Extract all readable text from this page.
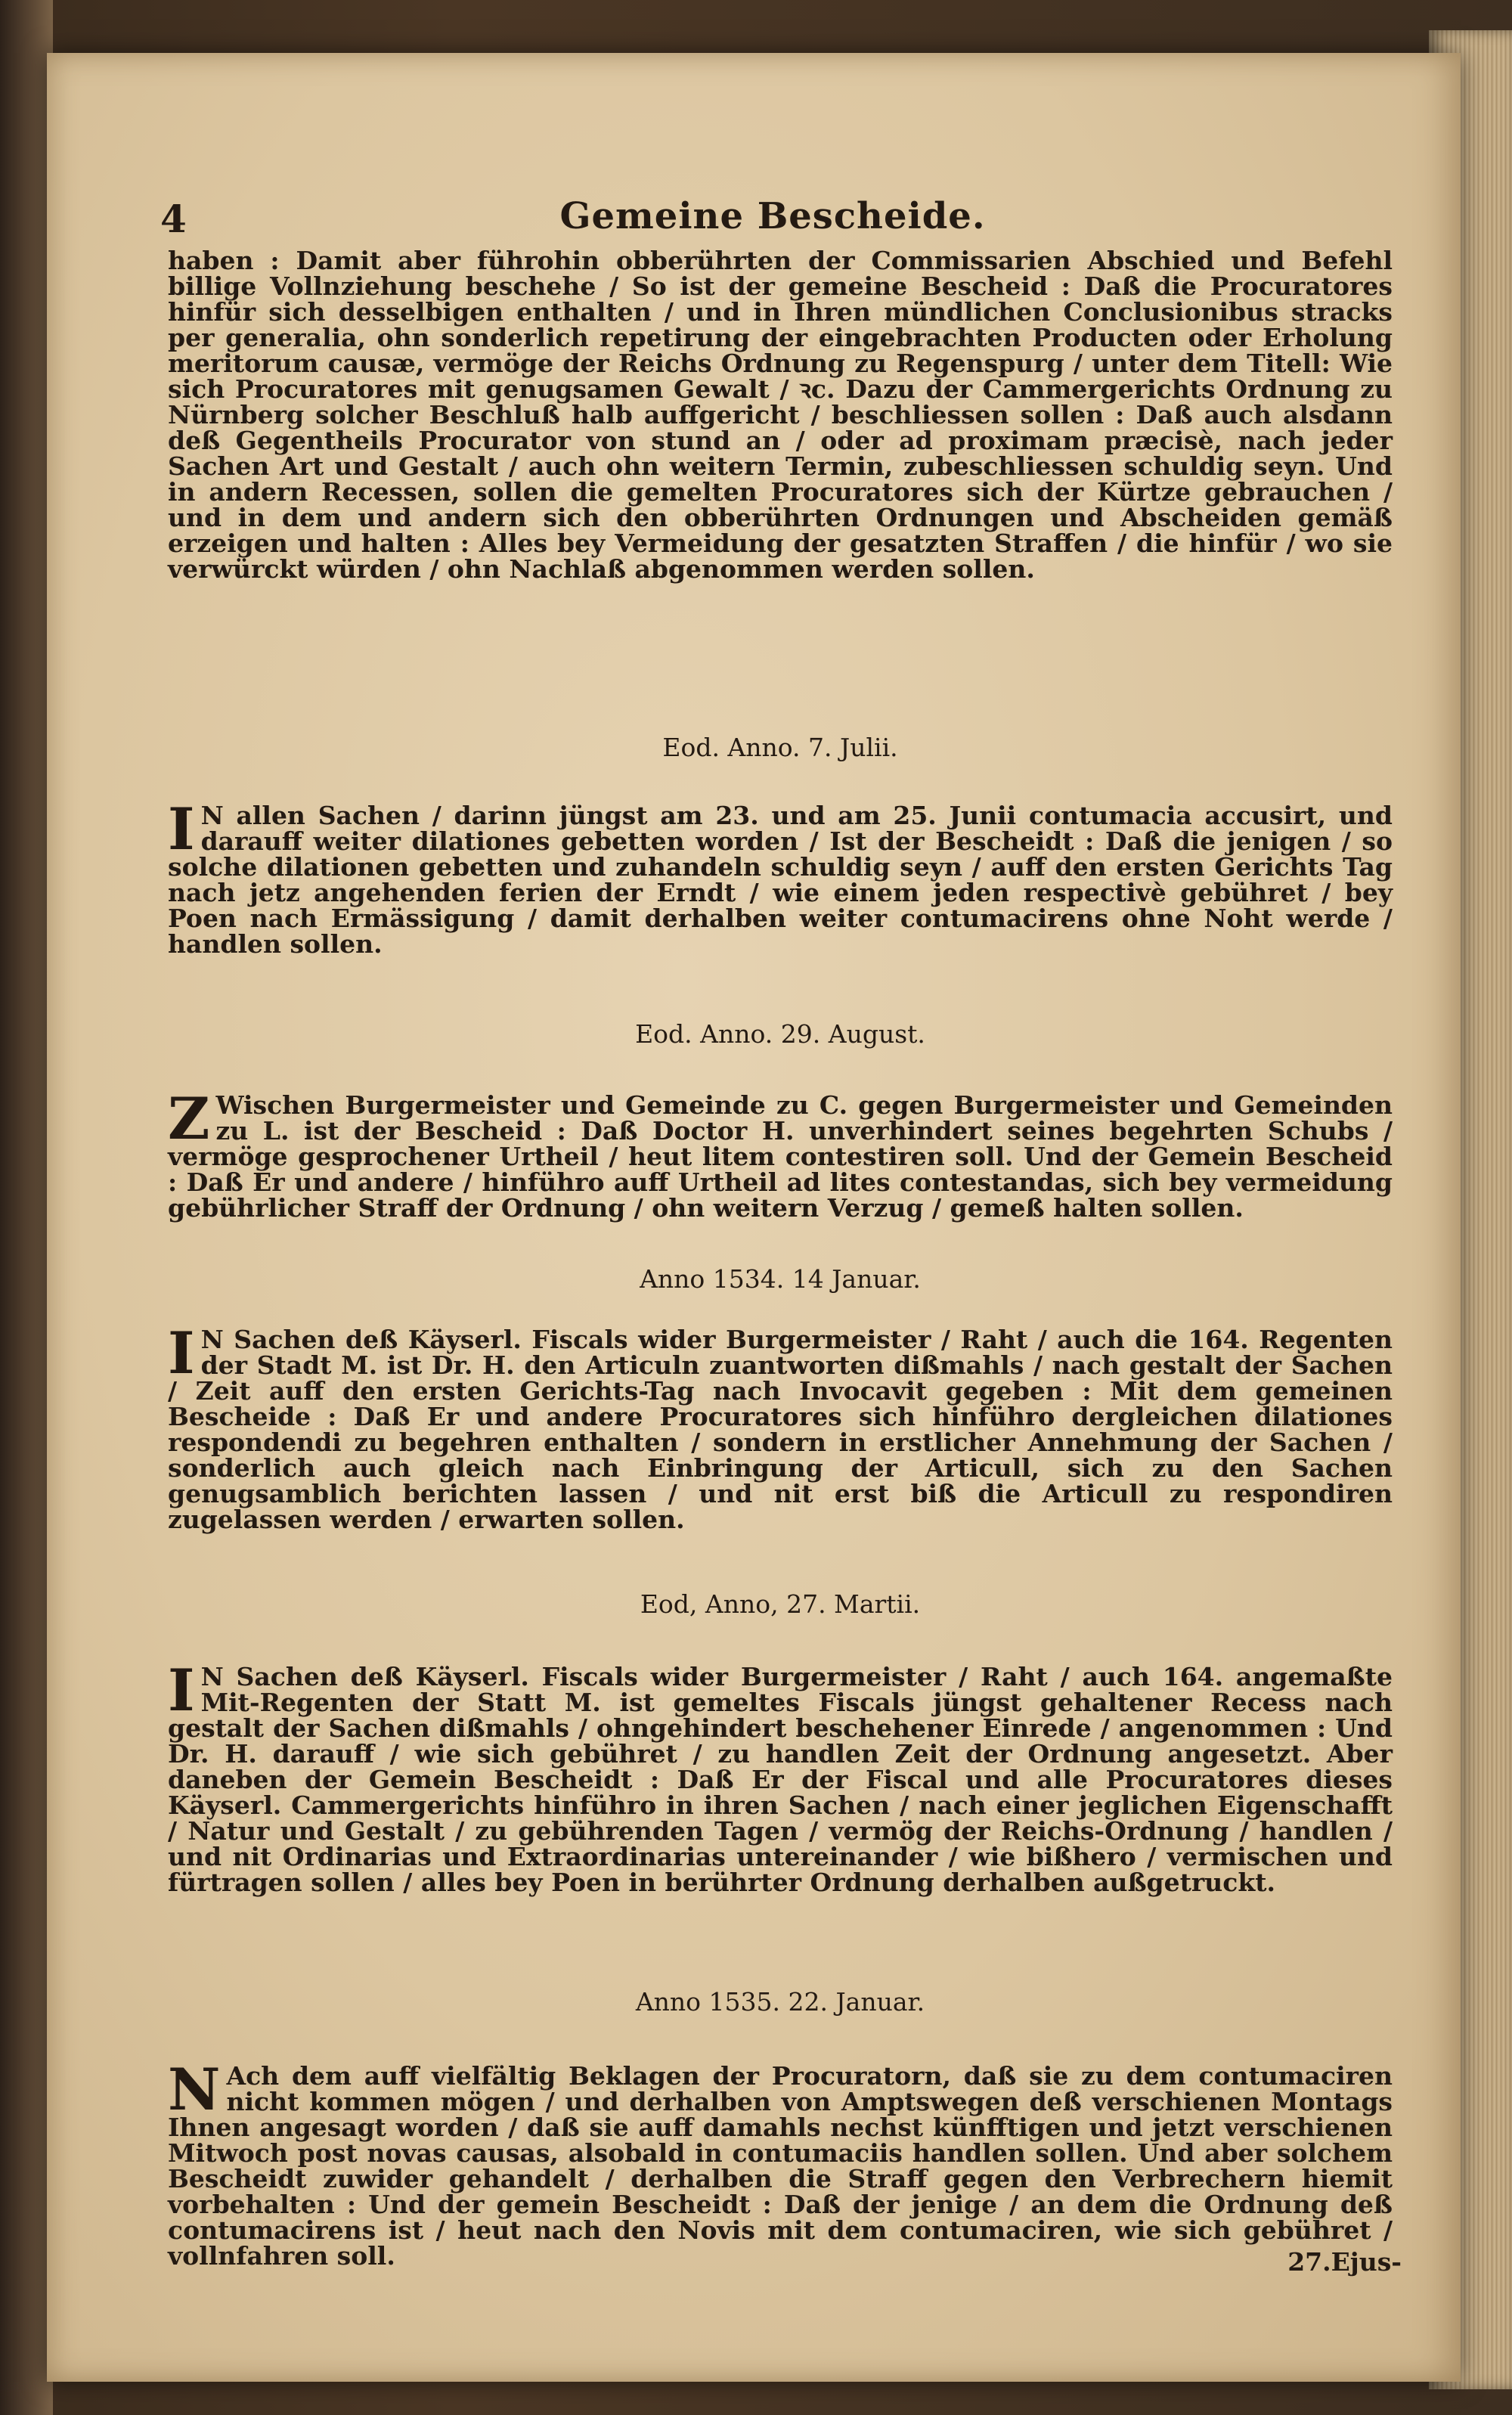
4	Gemeine Bescheide.

haben : Damit aber führohin obberührten der Commissarien Abschied und Befehl billige Vollnziehung beschehe / So ist der gemeine Bescheid : Daß die Procuratores hinfür sich desselbigen enthalten / und in Ihren mündlichen Conclusionibus stracks per generalia, ohn sonderlich repetirung der eingebrachten Producten oder Erholung meritorum causæ, vermöge der Reichs Ordnung zu Regenspurg / unter dem Titell: Wie sich Procuratores mit genugsamen Gewalt / ꝛc. Dazu der Cammergerichts Ordnung zu Nürnberg solcher Beschluß halb auffgericht / beschliessen sollen : Daß auch alsdann deß Gegentheils Procurator von stund an / oder ad proximam præcisè, nach jeder Sachen Art und Gestalt / auch ohn weitern Termin, zubeschliessen schuldig seyn. Und in andern Recessen, sollen die gemelten Procuratores sich der Kürtze gebrauchen / und in dem und andern sich den obberührten Ordnungen und Abscheiden gemäß erzeigen und halten : Alles bey Vermeidung der gesatzten Straffen / die hinfür / wo sie verwürckt würden / ohn Nachlaß abgenommen werden sollen.

Eod. Anno. 7. Julii.

I N allen Sachen / darinn jüngst am 23. und am 25. Junii contumacia accusirt, und darauff weiter dilationes gebetten worden / Ist der Bescheidt : Daß die jenigen / so solche dilationen gebetten und zuhandeln schuldig seyn / auff den ersten Gerichts Tag nach jetz angehenden ferien der Erndt / wie einem jeden respectivè gebühret / bey Poen nach Ermässigung / damit derhalben weiter contumacirens ohne Noht werde / handlen sollen.

Eod. Anno. 29. August.

Z Wischen Burgermeister und Gemeinde zu C. gegen Burgermeister und Gemeinden zu L. ist der Bescheid : Daß Doctor H. unverhindert seines begehrten Schubs / vermöge gesprochener Urtheil / heut litem contestiren soll. Und der Gemein Bescheid : Daß Er und andere / hinführo auff Urtheil ad lites contestandas, sich bey vermeidung gebührlicher Straff der Ordnung / ohn weitern Verzug / gemeß halten sollen.

Anno 1534. 14 Januar.

I N Sachen deß Käyserl. Fiscals wider Burgermeister / Raht / auch die 164. Regenten der Stadt M. ist Dr. H. den Articuln zuantworten dißmahls / nach gestalt der Sachen / Zeit auff den ersten Gerichts-Tag nach Invocavit gegeben : Mit dem gemeinen Bescheide : Daß Er und andere Procuratores sich hinführo dergleichen dilationes respondendi zu begehren enthalten / sondern in erstlicher Annehmung der Sachen / sonderlich auch gleich nach Einbringung der Articull, sich zu den Sachen genugsamblich berichten lassen / und nit erst biß die Articull zu respondiren zugelassen werden / erwarten sollen.

Eod, Anno, 27. Martii.

I N Sachen deß Käyserl. Fiscals wider Burgermeister / Raht / auch 164. angemaßte Mit-Regenten der Statt M. ist gemeltes Fiscals jüngst gehaltener Recess nach gestalt der Sachen dißmahls / ohngehindert beschehener Einrede / angenommen : Und Dr. H. darauff / wie sich gebühret / zu handlen Zeit der Ordnung angesetzt. Aber daneben der Gemein Bescheidt : Daß Er der Fiscal und alle Procuratores dieses Käyserl. Cammergerichts hinführo in ihren Sachen / nach einer jeglichen Eigenschafft / Natur und Gestalt / zu gebührenden Tagen / vermög der Reichs-Ordnung / handlen / und nit Ordinarias und Extraordinarias untereinander / wie bißhero / vermischen und fürtragen sollen / alles bey Poen in berührter Ordnung derhalben außgetruckt.

Anno 1535. 22. Januar.

N Ach dem auff vielfältig Beklagen der Procuratorn, daß sie zu dem contumaciren nicht kommen mögen / und derhalben von Amptswegen deß verschienen Montags Ihnen angesagt worden / daß sie auff damahls nechst künfftigen und jetzt verschienen Mitwoch post novas causas, alsobald in contumaciis handlen sollen. Und aber solchem Bescheidt zuwider gehandelt / derhalben die Straff gegen den Verbrechern hiemit vorbehalten : Und der gemein Bescheidt : Daß der jenige / an dem die Ordnung deß contumacirens ist / heut nach den Novis mit dem contumaciren, wie sich gebühret / vollnfahren soll.	27.Ejus-
